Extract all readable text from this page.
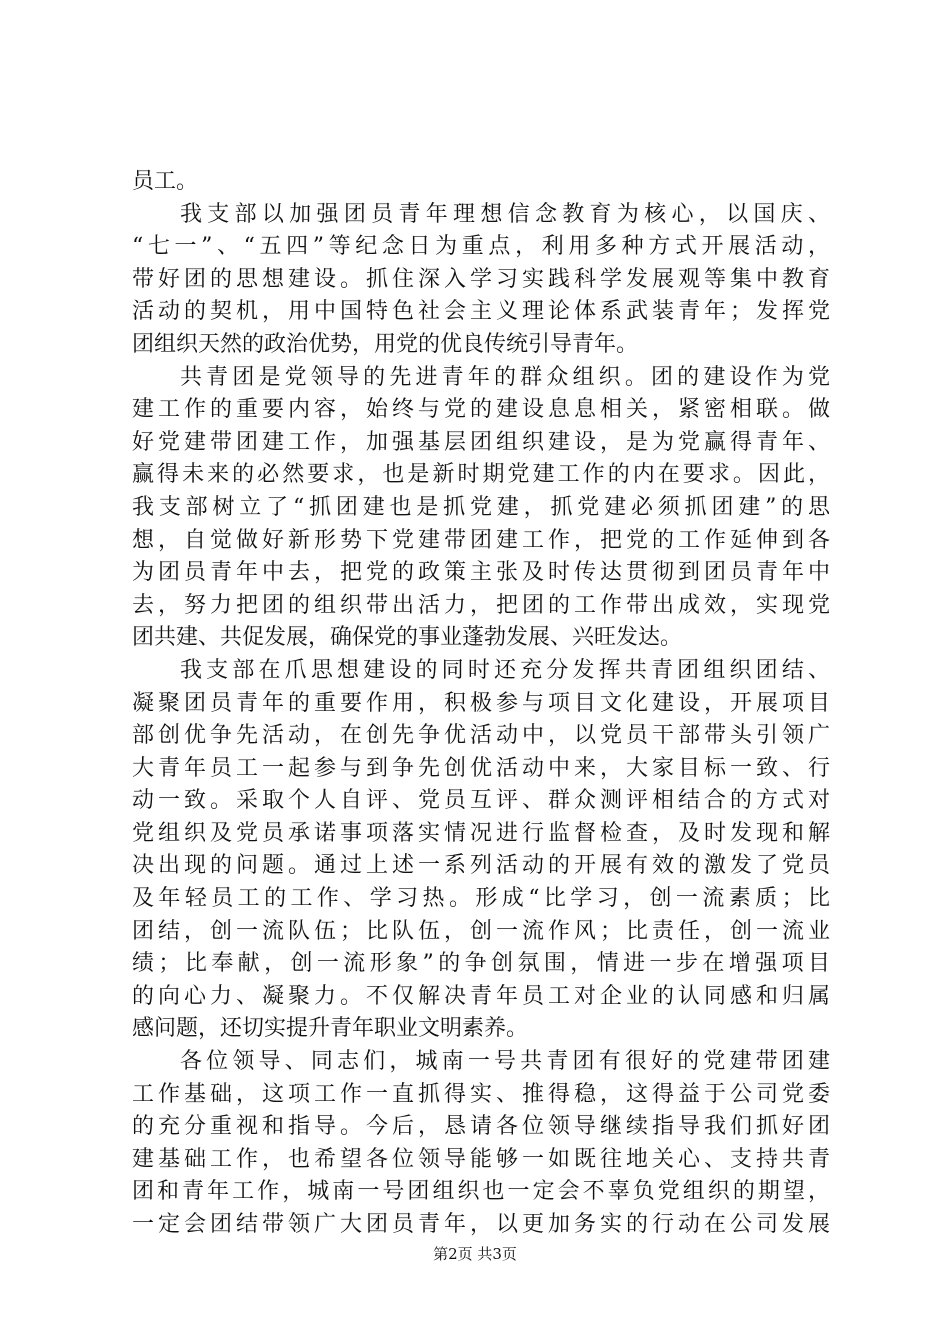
员工。
我支部以加强团员青年理想信念教育为核心，以国庆、
“七一”、“五四”等纪念日为重点，利用多种方式开展活动，
带好团的思想建设。抓住深入学习实践科学发展观等集中教育
活动的契机，用中国特色社会主义理论体系武装青年；发挥党
团组织天然的政治优势，用党的优良传统引导青年。
共青团是党领导的先进青年的群众组织。团的建设作为党
建工作的重要内容，始终与党的建设息息相关，紧密相联。做
好党建带团建工作，加强基层团组织建设，是为党赢得青年、
赢得未来的必然要求，也是新时期党建工作的内在要求。因此，
我支部树立了“抓团建也是抓党建，抓党建必须抓团建”的思
想，自觉做好新形势下党建带团建工作，把党的工作延伸到各
为团员青年中去，把党的政策主张及时传达贯彻到团员青年中
去，努力把团的组织带出活力，把团的工作带出成效，实现党
团共建、共促发展，确保党的事业蓬勃发展、兴旺发达。
我支部在爪思想建设的同时还充分发挥共青团组织团结、
凝聚团员青年的重要作用，积极参与项目文化建设，开展项目
部创优争先活动，在创先争优活动中，以党员干部带头引领广
大青年员工一起参与到争先创优活动中来，大家目标一致、行
动一致。采取个人自评、党员互评、群众测评相结合的方式对
党组织及党员承诺事项落实情况进行监督检查，及时发现和解
决出现的问题。通过上述一系列活动的开展有效的激发了党员
及年轻员工的工作、学习热。形成“比学习，创一流素质；比
团结，创一流队伍；比队伍，创一流作风；比责任，创一流业
绩；比奉献，创一流形象”的争创氛围，情进一步在增强项目
的向心力、凝聚力。不仅解决青年员工对企业的认同感和归属
感问题，还切实提升青年职业文明素养。
各位领导、同志们，城南一号共青团有很好的党建带团建
工作基础，这项工作一直抓得实、推得稳，这得益于公司党委
的充分重视和指导。今后，恳请各位领导继续指导我们抓好团
建基础工作，也希望各位领导能够一如既往地关心、支持共青
团和青年工作，城南一号团组织也一定会不辜负党组织的期望，
一定会团结带领广大团员青年，以更加务实的行动在公司发展
第2页 共3页
